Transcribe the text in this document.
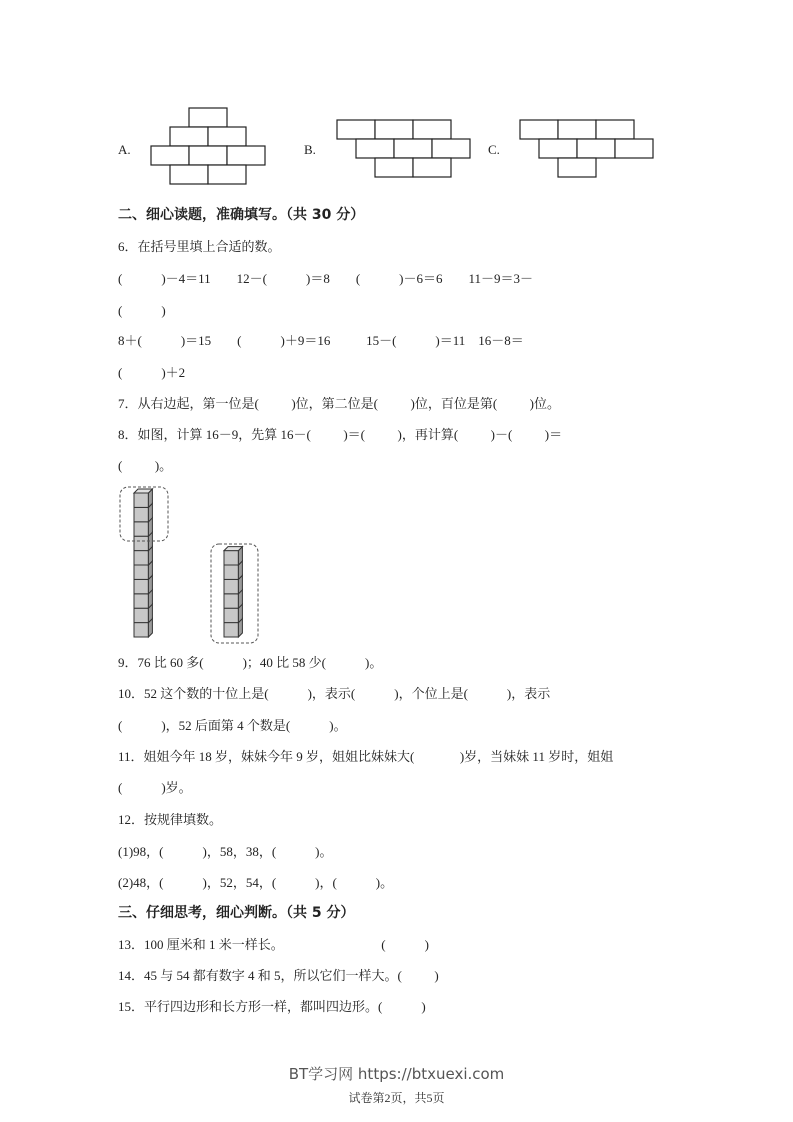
A.	B.	C.
二、细心读题，准确填写。（共 30 分）
6．在括号里填上合适的数。
(            )－4＝11        12－(            )＝8        (            )－6＝6        11－9＝3－
(            )
8＋(            )＝15        (            )＋9＝16           15－(            )＝11    16－8＝
(            )＋2
7．从右边起，第一位是(          )位，第二位是(          )位，百位是第(          )位。
8．如图，计算 16－9，先算 16－(          )＝(          )，再计算(          )－(          )＝
(          )。
9．76 比 60 多(            )；40 比 58 少(            )。
10．52 这个数的十位上是(            )，表示(            )，个位上是(            )，表示
(            )，52 后面第 4 个数是(            )。
11．姐姐今年 18 岁，妹妹今年 9 岁，姐姐比妹妹大(              )岁，当妹妹 11 岁时，姐姐
(            )岁。
12．按规律填数。
(1)98，(            )，58，38，(            )。
(2)48，(            )，52，54，(            )，(            )。
三、仔细思考，细心判断。（共 5 分）
13．100 厘米和 1 米一样长。                              (            )
14．45 与 54 都有数字 4 和 5，所以它们一样大。(          )
15．平行四边形和长方形一样，都叫四边形。(            )
BT学习网 https://btxuexi.com
试卷第2页，共5页
